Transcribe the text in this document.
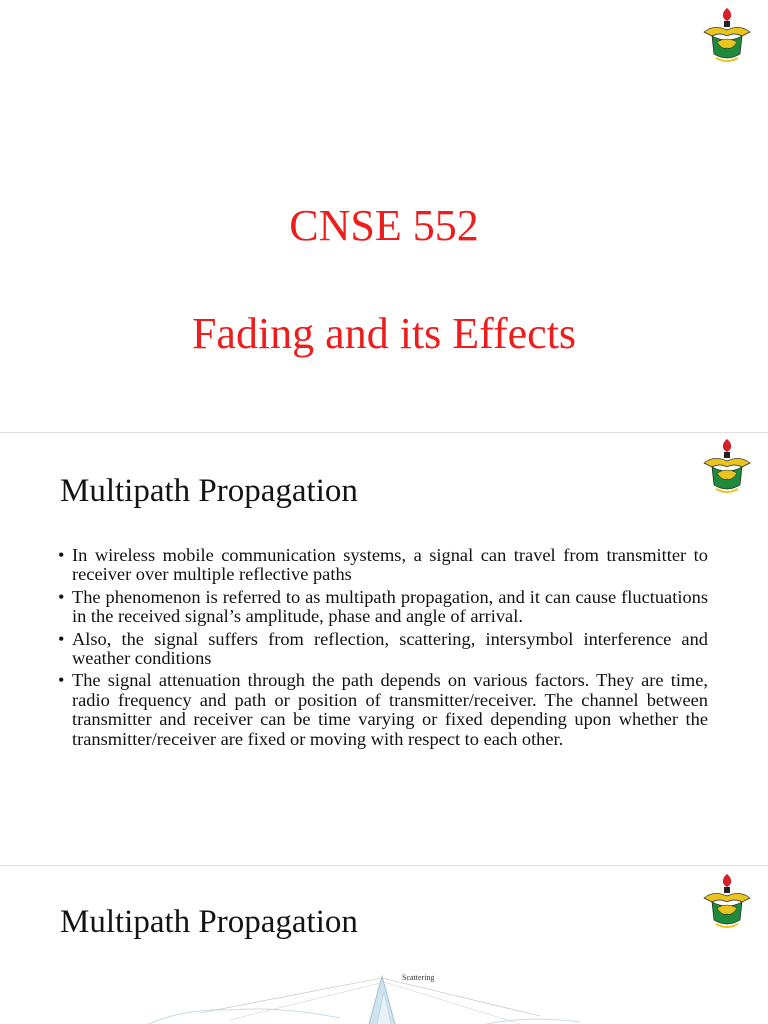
CNSE 552
Fading and its Effects
Multipath Propagation
• In wireless mobile communication systems, a signal can travel from transmitter to receiver over multiple reflective paths
• The phenomenon is referred to as multipath propagation, and it can cause fluctuations in the received signal’s amplitude, phase and angle of arrival.
• Also, the signal suffers from reflection, scattering, intersymbol interference and weather conditions
• The signal attenuation through the path depends on various factors. They are time, radio frequency and path or position of transmitter/receiver. The channel between transmitter and receiver can be time varying or fixed depending upon whether the transmitter/receiver are fixed or moving with respect to each other.
Multipath Propagation
Scattering
